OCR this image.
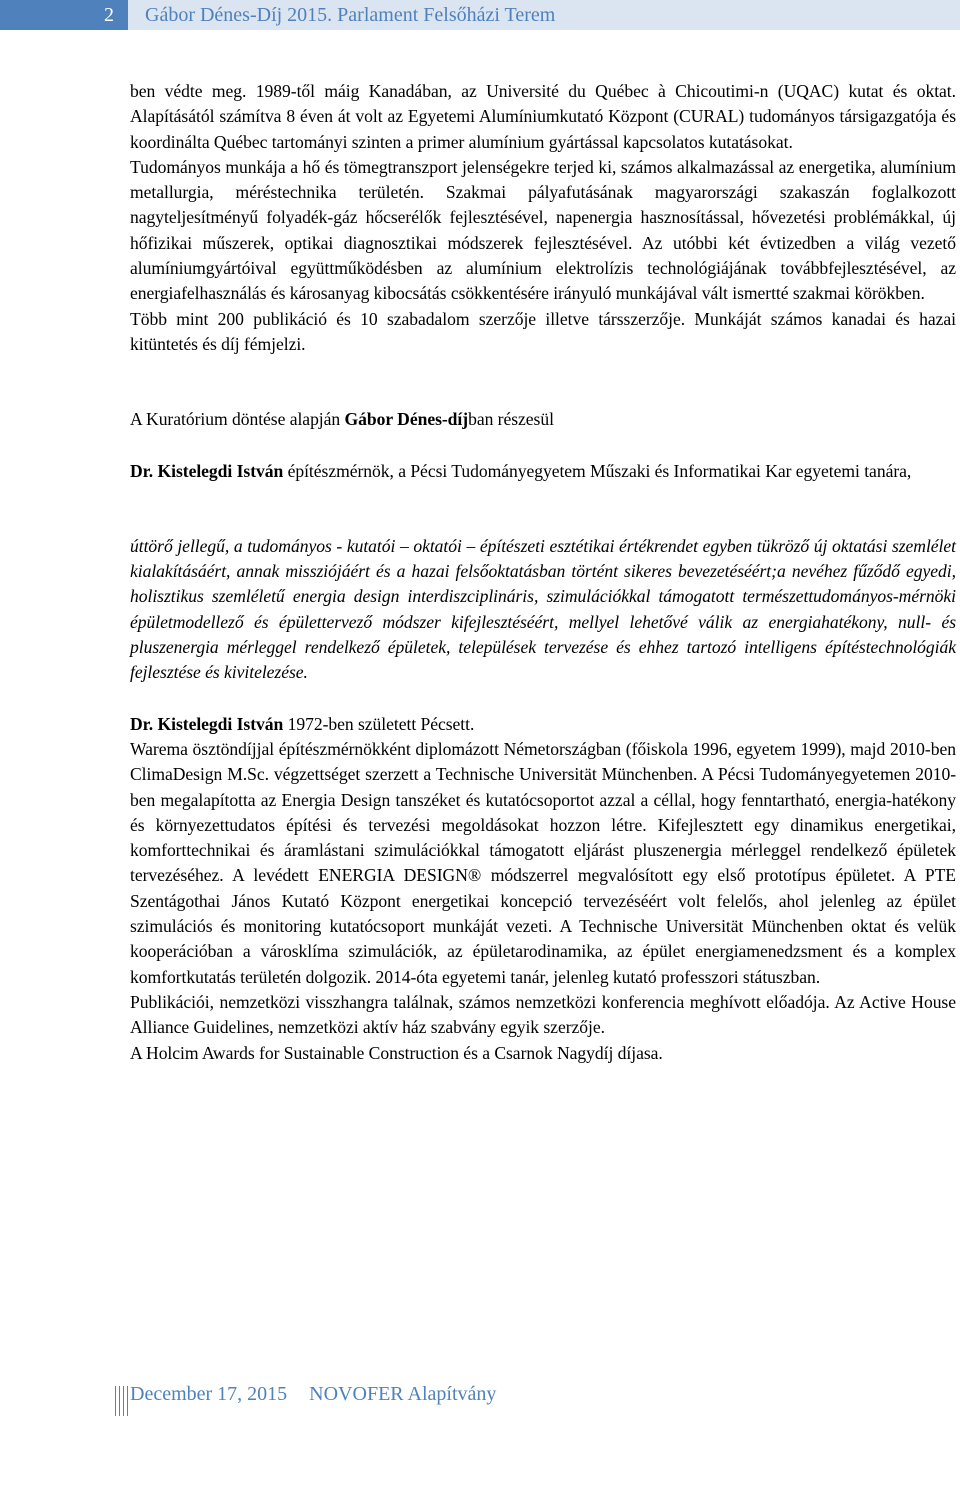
2 Gábor Dénes-Díj 2015. Parlament Felsőházi Terem

ben védte meg. 1989-től máig Kanadában, az Université du Québec à Chicoutimi-n (UQAC) kutat és oktat. Alapításától számítva 8 éven át volt az Egyetemi Alumíniumkutató Központ (CURAL) tudományos társigazgatója és koordinálta Québec tartományi szinten a primer alumínium gyártással kapcsolatos kutatásokat.

Tudományos munkája a hő és tömegtranszport jelenségekre terjed ki, számos alkalmazással az energetika, alumínium metallurgia, méréstechnika területén. Szakmai pályafutásának magyarországi szakaszán foglalkozott nagyteljesítményű folyadék-gáz hőcserélők fejlesztésével, napenergia hasznosítással, hővezetési problémákkal, új hőfizikai műszerek, optikai diagnosztikai módszerek fejlesztésével. Az utóbbi két évtizedben a világ vezető alumíniumgyártóival együttműködésben az alumínium elektrolízis technológiájának továbbfejlesztésével, az energiafelhasználás és károsanyag kibocsátás csökkentésére irányuló munkájával vált ismertté szakmai körökben.

Több mint 200 publikáció és 10 szabadalom szerzője illetve társszerzője. Munkáját számos kanadai és hazai kitüntetés és díj fémjelzi.

A Kuratórium döntése alapján Gábor Dénes-díjban részesül

Dr. Kistelegdi István építészmérnök, a Pécsi Tudományegyetem Műszaki és Informatikai Kar egyetemi tanára,

úttörő jellegű, a tudományos - kutatói – oktatói – építészeti esztétikai értékrendet egyben tükröző új oktatási szemlélet kialakításáért, annak missziójáért és a hazai felsőoktatásban történt sikeres bevezetéséért;a nevéhez fűződő egyedi, holisztikus szemléletű energia design interdiszciplináris, szimulációkkal támogatott természettudományos-mérnöki épületmodellező és épülettervező módszer kifejlesztéséért, mellyel lehetővé válik az energiahatékony, null- és pluszenergia mérleggel rendelkező épületek, települések tervezése és ehhez tartozó intelligens építéstechnológiák fejlesztése és kivitelezése.

Dr. Kistelegdi István 1972-ben született Pécsett.

Warema ösztöndíjjal építészmérnökként diplomázott Németországban (főiskola 1996, egyetem 1999), majd 2010-ben ClimaDesign M.Sc. végzettséget szerzett a Technische Universität Münchenben. A Pécsi Tudományegyetemen 2010-ben megalapította az Energia Design tanszéket és kutatócsoportot azzal a céllal, hogy fenntartható, energia-hatékony és környezettudatos építési és tervezési megoldásokat hozzon létre. Kifejlesztett egy dinamikus energetikai, komforttechnikai és áramlástani szimulációkkal támogatott eljárást pluszenergia mérleggel rendelkező épületek tervezéséhez. A levédett ENERGIA DESIGN® módszerrel megvalósított egy első prototípus épületet. A PTE Szentágothai János Kutató Központ energetikai koncepció tervezéséért volt felelős, ahol jelenleg az épület szimulációs és monitoring kutatócsoport munkáját vezeti. A Technische Universität Münchenben oktat és velük kooperációban a városklíma szimulációk, az épületarodinamika, az épület energiamenedzsment és a komplex komfortkutatás területén dolgozik. 2014-óta egyetemi tanár, jelenleg kutató professzori státuszban.

Publikációi, nemzetközi visszhangra találnak, számos nemzetközi konferencia meghívott előadója. Az Active House Alliance Guidelines, nemzetközi aktív ház szabvány egyik szerzője.

A Holcim Awards for Sustainable Construction és a Csarnok Nagydíj díjasa.

December 17, 2015 NOVOFER Alapítvány
